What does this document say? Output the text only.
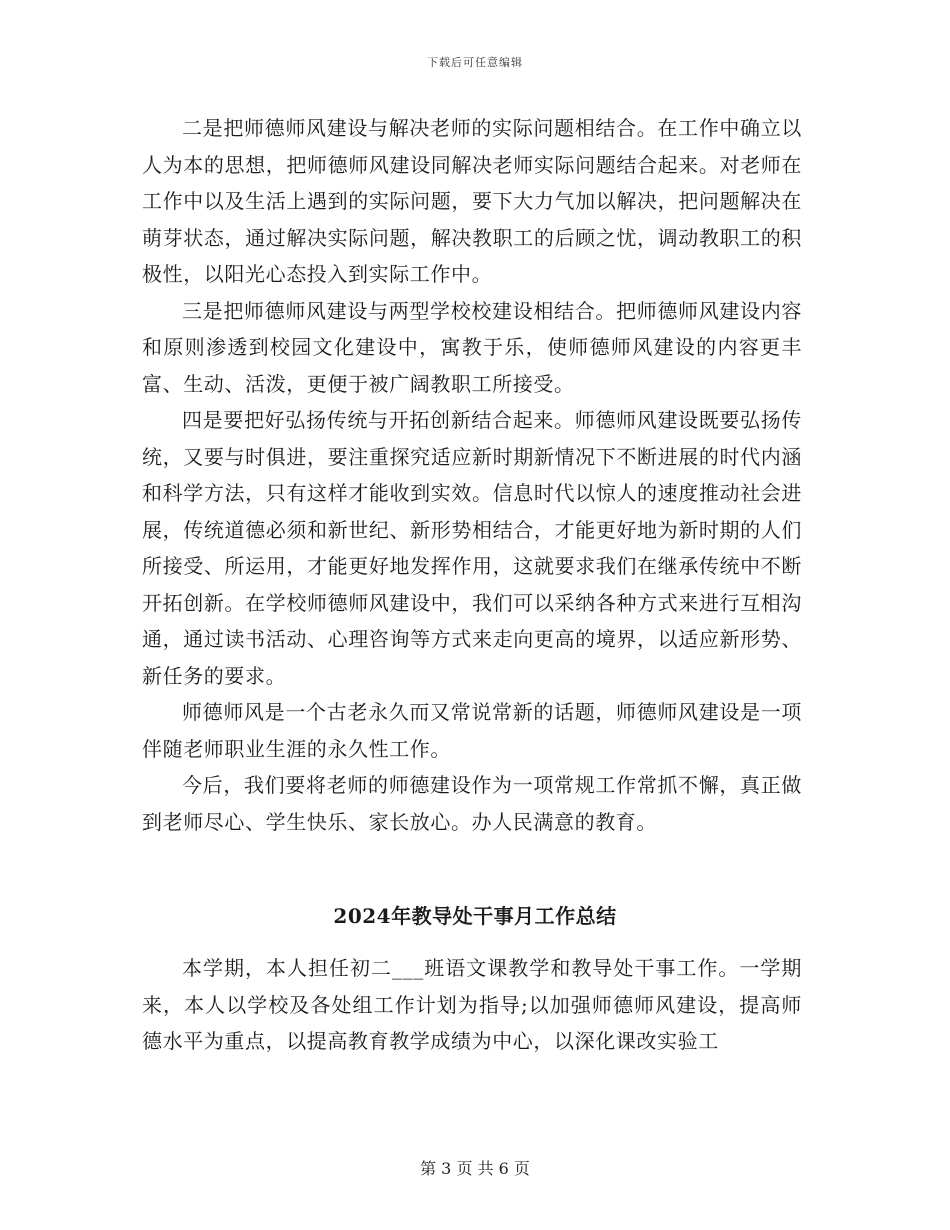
下载后可任意编辑

二是把师德师风建设与解决老师的实际问题相结合。在工作中确立以人为本的思想，把师德师风建设同解决老师实际问题结合起来。对老师在工作中以及生活上遇到的实际问题，要下大力气加以解决，把问题解决在萌芽状态，通过解决实际问题，解决教职工的后顾之忧，调动教职工的积极性，以阳光心态投入到实际工作中。

三是把师德师风建设与两型学校校建设相结合。把师德师风建设内容和原则渗透到校园文化建设中，寓教于乐，使师德师风建设的内容更丰富、生动、活泼，更便于被广阔教职工所接受。

四是要把好弘扬传统与开拓创新结合起来。师德师风建设既要弘扬传统，又要与时俱进，要注重探究适应新时期新情况下不断进展的时代内涵和科学方法，只有这样才能收到实效。信息时代以惊人的速度推动社会进展，传统道德必须和新世纪、新形势相结合，才能更好地为新时期的人们所接受、所运用，才能更好地发挥作用，这就要求我们在继承传统中不断开拓创新。在学校师德师风建设中，我们可以采纳各种方式来进行互相沟通，通过读书活动、心理咨询等方式来走向更高的境界，以适应新形势、新任务的要求。

师德师风是一个古老永久而又常说常新的话题，师德师风建设是一项伴随老师职业生涯的永久性工作。

今后，我们要将老师的师德建设作为一项常规工作常抓不懈，真正做到老师尽心、学生快乐、家长放心。办人民满意的教育。

2024年教导处干事月工作总结

本学期，本人担任初二___班语文课教学和教导处干事工作。一学期来，本人以学校及各处组工作计划为指导;以加强师德师风建设，提高师德水平为重点，以提高教育教学成绩为中心，以深化课改实验工

第 3 页 共 6 页
